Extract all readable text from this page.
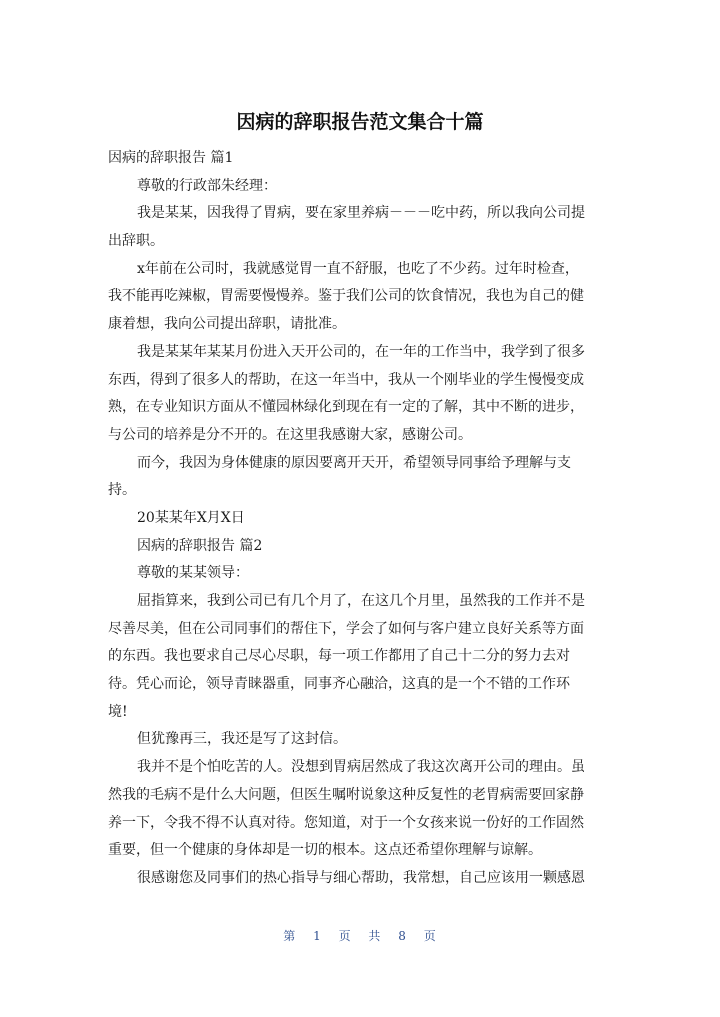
因病的辞职报告范文集合十篇
因病的辞职报告 篇1
尊敬的行政部朱经理：
我是某某，因我得了胃病，要在家里养病－－－吃中药，所以我向公司提
出辞职。
x年前在公司时，我就感觉胃一直不舒服，也吃了不少药。过年时检查，
我不能再吃辣椒，胃需要慢慢养。鉴于我们公司的饮食情况，我也为自己的健
康着想，我向公司提出辞职，请批准。
我是某某年某某月份进入天开公司的，在一年的工作当中，我学到了很多
东西，得到了很多人的帮助，在这一年当中，我从一个刚毕业的学生慢慢变成
熟，在专业知识方面从不懂园林绿化到现在有一定的了解，其中不断的进步，
与公司的培养是分不开的。在这里我感谢大家，感谢公司。
而今，我因为身体健康的原因要离开天开，希望领导同事给予理解与支
持。
20某某年X月X日
因病的辞职报告 篇2
尊敬的某某领导：
屈指算来，我到公司已有几个月了，在这几个月里，虽然我的工作并不是
尽善尽美，但在公司同事们的帮住下，学会了如何与客户建立良好关系等方面
的东西。我也要求自己尽心尽职，每一项工作都用了自己十二分的努力去对
待。凭心而论，领导青睐器重，同事齐心融洽，这真的是一个不错的工作环
境!
但犹豫再三，我还是写了这封信。
我并不是个怕吃苦的人。没想到胃病居然成了我这次离开公司的理由。虽
然我的毛病不是什么大问题，但医生嘱咐说象这种反复性的老胃病需要回家静
养一下，令我不得不认真对待。您知道，对于一个女孩来说一份好的工作固然
重要，但一个健康的身体却是一切的根本。这点还希望你理解与谅解。
很感谢您及同事们的热心指导与细心帮助，我常想，自己应该用一颗感恩
第 1 页 共 8 页
